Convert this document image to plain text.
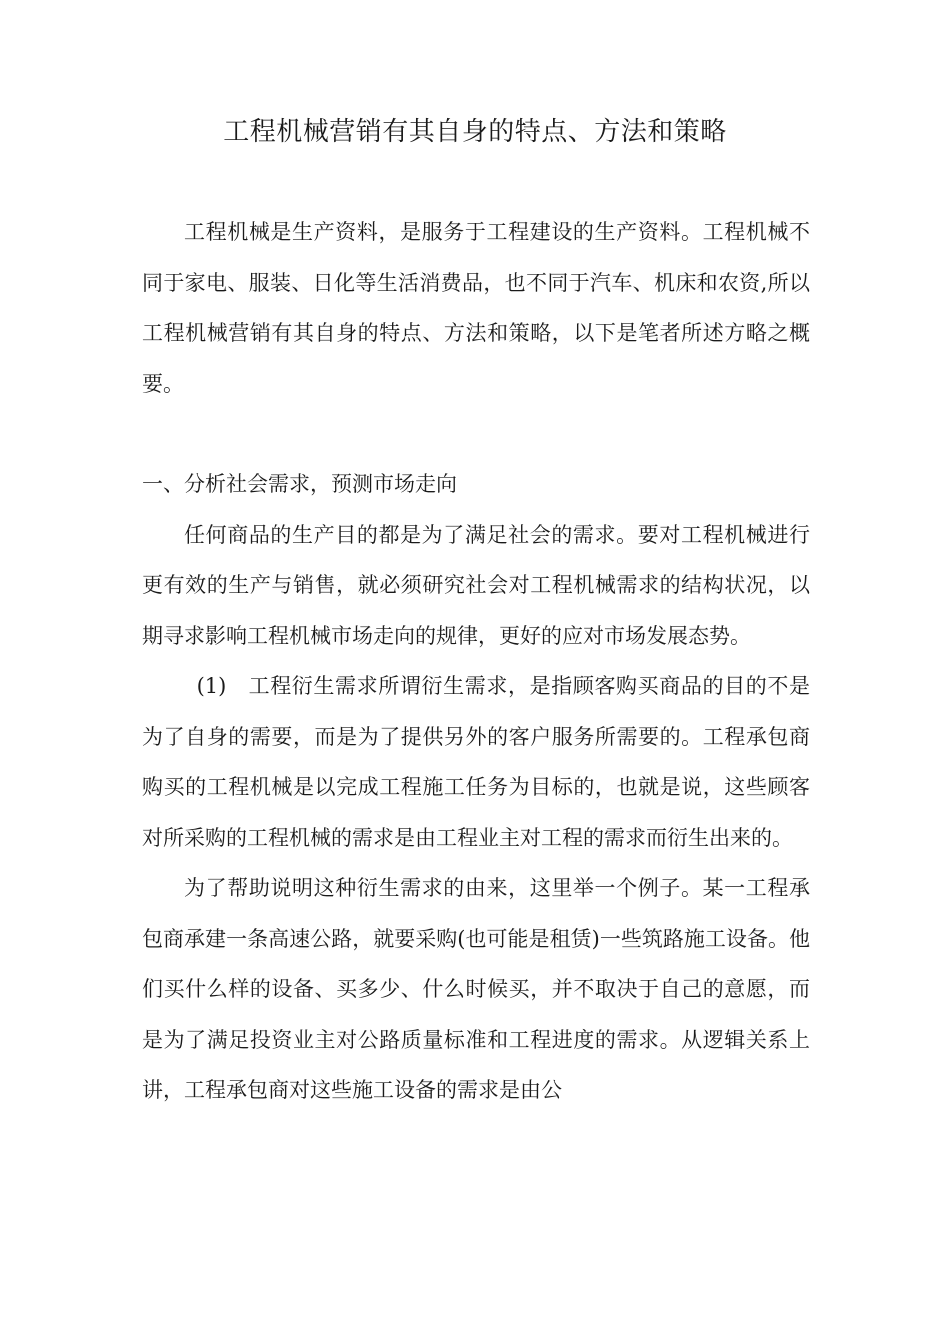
工程机械营销有其自身的特点、方法和策略

工程机械是生产资料，是服务于工程建设的生产资料。工程机械不同于家电、服装、日化等生活消费品，也不同于汽车、机床和农资,所以工程机械营销有其自身的特点、方法和策略，以下是笔者所述方略之概要。

一、分析社会需求，预测市场走向

任何商品的生产目的都是为了满足社会的需求。要对工程机械进行更有效的生产与销售，就必须研究社会对工程机械需求的结构状况，以期寻求影响工程机械市场走向的规律，更好的应对市场发展态势。

(1)　工程衍生需求所谓衍生需求，是指顾客购买商品的目的不是为了自身的需要，而是为了提供另外的客户服务所需要的。工程承包商购买的工程机械是以完成工程施工任务为目标的，也就是说，这些顾客对所采购的工程机械的需求是由工程业主对工程的需求而衍生出来的。

为了帮助说明这种衍生需求的由来，这里举一个例子。某一工程承包商承建一条高速公路，就要采购(也可能是租赁)一些筑路施工设备。他们买什么样的设备、买多少、什么时候买，并不取决于自己的意愿，而是为了满足投资业主对公路质量标准和工程进度的需求。从逻辑关系上讲，工程承包商对这些施工设备的需求是由公
